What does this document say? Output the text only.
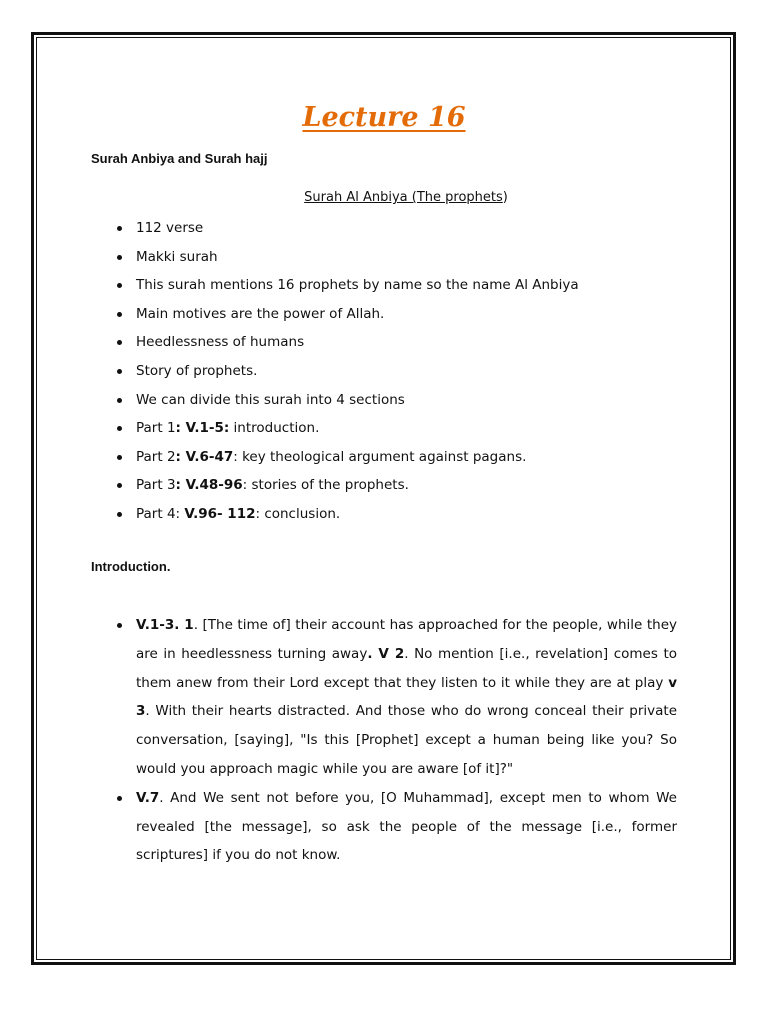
Lecture 16
Surah Anbiya and Surah hajj
Surah Al Anbiya (The prophets)
112 verse
Makki surah
This surah mentions 16 prophets by name so the name Al Anbiya
Main motives are the power of Allah.
Heedlessness of humans
Story of prophets.
We can divide this surah into 4 sections
Part 1: V.1-5: introduction.
Part 2: V.6-47: key theological argument against pagans.
Part 3: V.48-96: stories of the prophets.
Part 4: V.96- 112: conclusion.
Introduction.
V.1-3. 1. [The time of] their account has approached for the people, while they are in heedlessness turning away. V 2. No mention [i.e., revelation] comes to them anew from their Lord except that they listen to it while they are at play v 3. With their hearts distracted. And those who do wrong conceal their private conversation, [saying], "Is this [Prophet] except a human being like you? So would you approach magic while you are aware [of it]?"
V.7. And We sent not before you, [O Muhammad], except men to whom We revealed [the message], so ask the people of the message [i.e., former scriptures] if you do not know.
